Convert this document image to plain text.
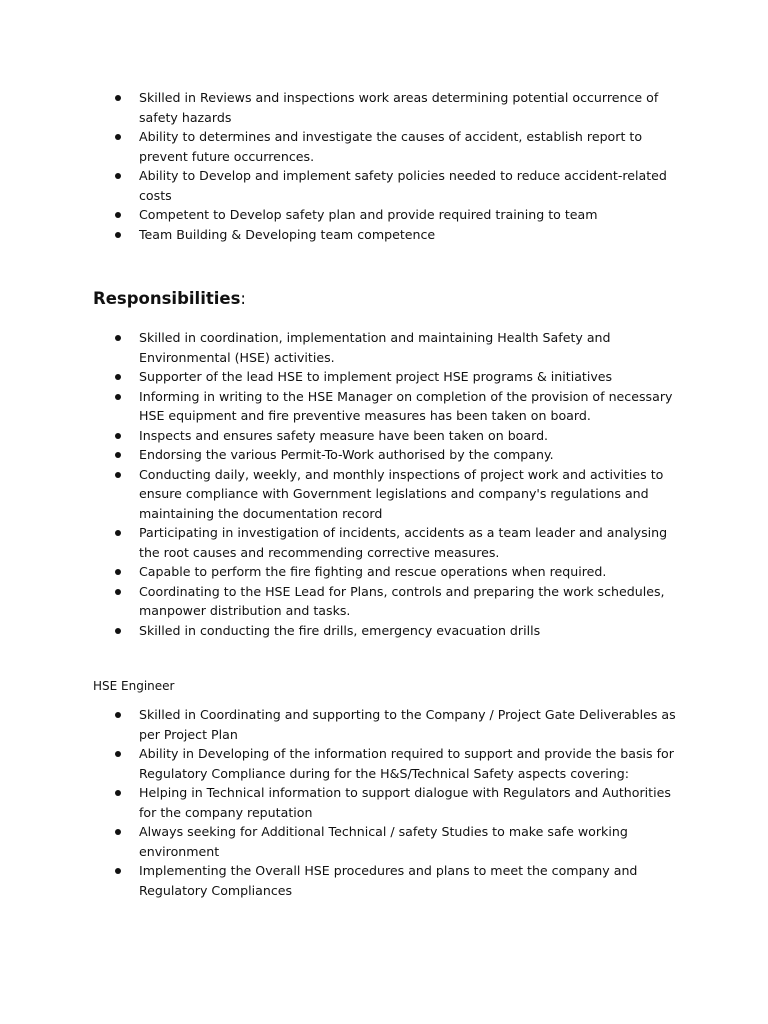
Skilled in Reviews and inspections work areas determining potential occurrence of safety hazards
Ability to determines and investigate the causes of accident, establish report to prevent future occurrences.
Ability to Develop and implement safety policies needed to reduce accident-related costs
Competent to Develop safety plan and provide required training to team
Team Building & Developing team competence
Responsibilities:
Skilled in coordination, implementation and maintaining Health Safety and Environmental (HSE) activities.
Supporter of the lead HSE to implement project HSE programs & initiatives
Informing in writing to the HSE Manager on completion of the provision of necessary HSE equipment and fire preventive measures has been taken on board.
Inspects and ensures safety measure have been taken on board.
Endorsing the various Permit-To-Work authorised by the company.
Conducting daily, weekly, and monthly inspections of project work and activities to ensure compliance with Government legislations and company's regulations and maintaining the documentation record
Participating in investigation of incidents, accidents as a team leader and analysing the root causes and recommending corrective measures.
Capable to perform the fire fighting and rescue operations when required.
Coordinating to the HSE Lead for Plans, controls and preparing the work schedules, manpower distribution and tasks.
Skilled in conducting the fire drills, emergency evacuation drills
HSE Engineer
Skilled in Coordinating and supporting to the Company / Project Gate Deliverables as per Project Plan
Ability in Developing of the information required to support and provide the basis for Regulatory Compliance during for the H&S/Technical Safety aspects covering:
Helping in Technical information to support dialogue with Regulators and Authorities for the company reputation
Always seeking for Additional Technical / safety Studies to make safe working environment
Implementing the Overall HSE procedures and plans to meet the company and Regulatory Compliances
